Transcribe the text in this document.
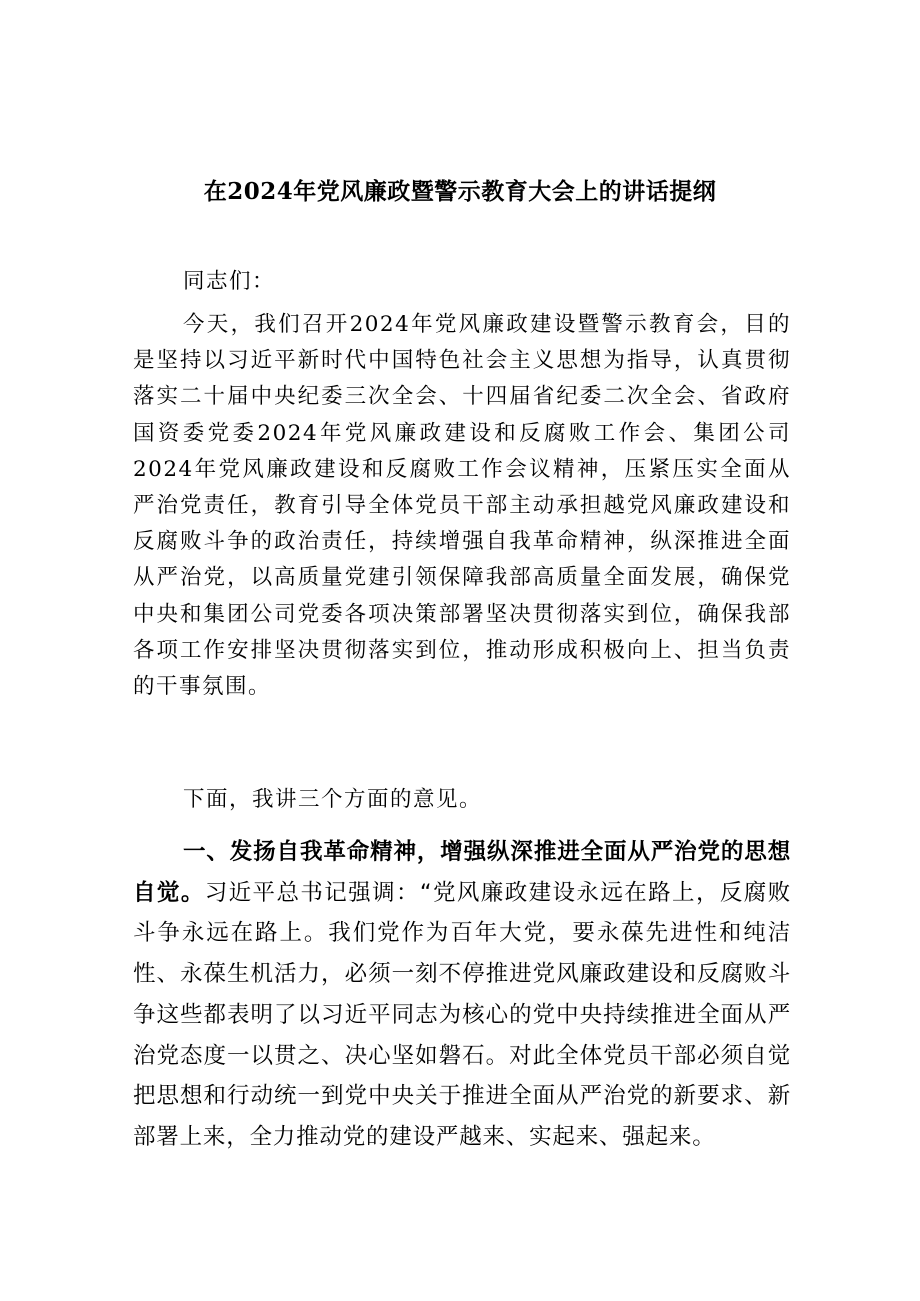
在2024年党风廉政暨警示教育大会上的讲话提纲

同志们：

今天，我们召开2024年党风廉政建设暨警示教育会，目的是坚持以习近平新时代中国特色社会主义思想为指导，认真贯彻落实二十届中央纪委三次全会、十四届省纪委二次全会、省政府国资委党委2024年党风廉政建设和反腐败工作会、集团公司2024年党风廉政建设和反腐败工作会议精神，压紧压实全面从严治党责任，教育引导全体党员干部主动承担越党风廉政建设和反腐败斗争的政治责任，持续增强自我革命精神，纵深推进全面从严治党，以高质量党建引领保障我部高质量全面发展，确保党中央和集团公司党委各项决策部署坚决贯彻落实到位，确保我部各项工作安排坚决贯彻落实到位，推动形成积极向上、担当负责的干事氛围。

下面，我讲三个方面的意见。

一、发扬自我革命精神，增强纵深推进全面从严治党的思想自觉。习近平总书记强调：“党风廉政建设永远在路上，反腐败斗争永远在路上。我们党作为百年大党，要永葆先进性和纯洁性、永葆生机活力，必须一刻不停推进党风廉政建设和反腐败斗争这些都表明了以习近平同志为核心的党中央持续推进全面从严治党态度一以贯之、决心坚如磐石。对此全体党员干部必须自觉把思想和行动统一到党中央关于推进全面从严治党的新要求、新部署上来，全力推动党的建设严越来、实起来、强起来。
